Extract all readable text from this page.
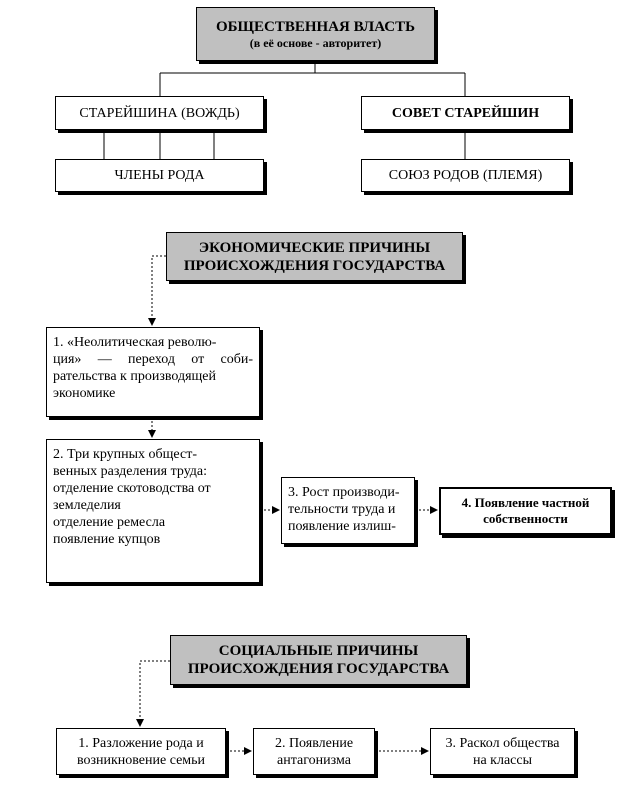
ОБЩЕСТВЕННАЯ ВЛАСТЬ
(в её основе - авторитет)
СТАРЕЙШИНА (ВОЖДЬ)	СОВЕТ СТАРЕЙШИН
ЧЛЕНЫ РОДА	СОЮЗ РОДОВ (ПЛЕМЯ)
ЭКОНОМИЧЕСКИЕ ПРИЧИНЫ
ПРОИСХОЖДЕНИЯ ГОСУДАРСТВА
1. «Неолитическая револю-
ция» — переход от соби-
рательства к производящей
экономике
2. Три крупных общест-
венных разделения труда:
отделение скотоводства от
земледелия
отделение ремесла
появление купцов
3. Рост производи-
тельности труда и
появление излиш-
4. Появление частной
собственности
СОЦИАЛЬНЫЕ ПРИЧИНЫ
ПРОИСХОЖДЕНИЯ ГОСУДАРСТВА
1. Разложение рода и
возникновение семьи
2. Появление
антагонизма
3. Раскол общества
на классы
